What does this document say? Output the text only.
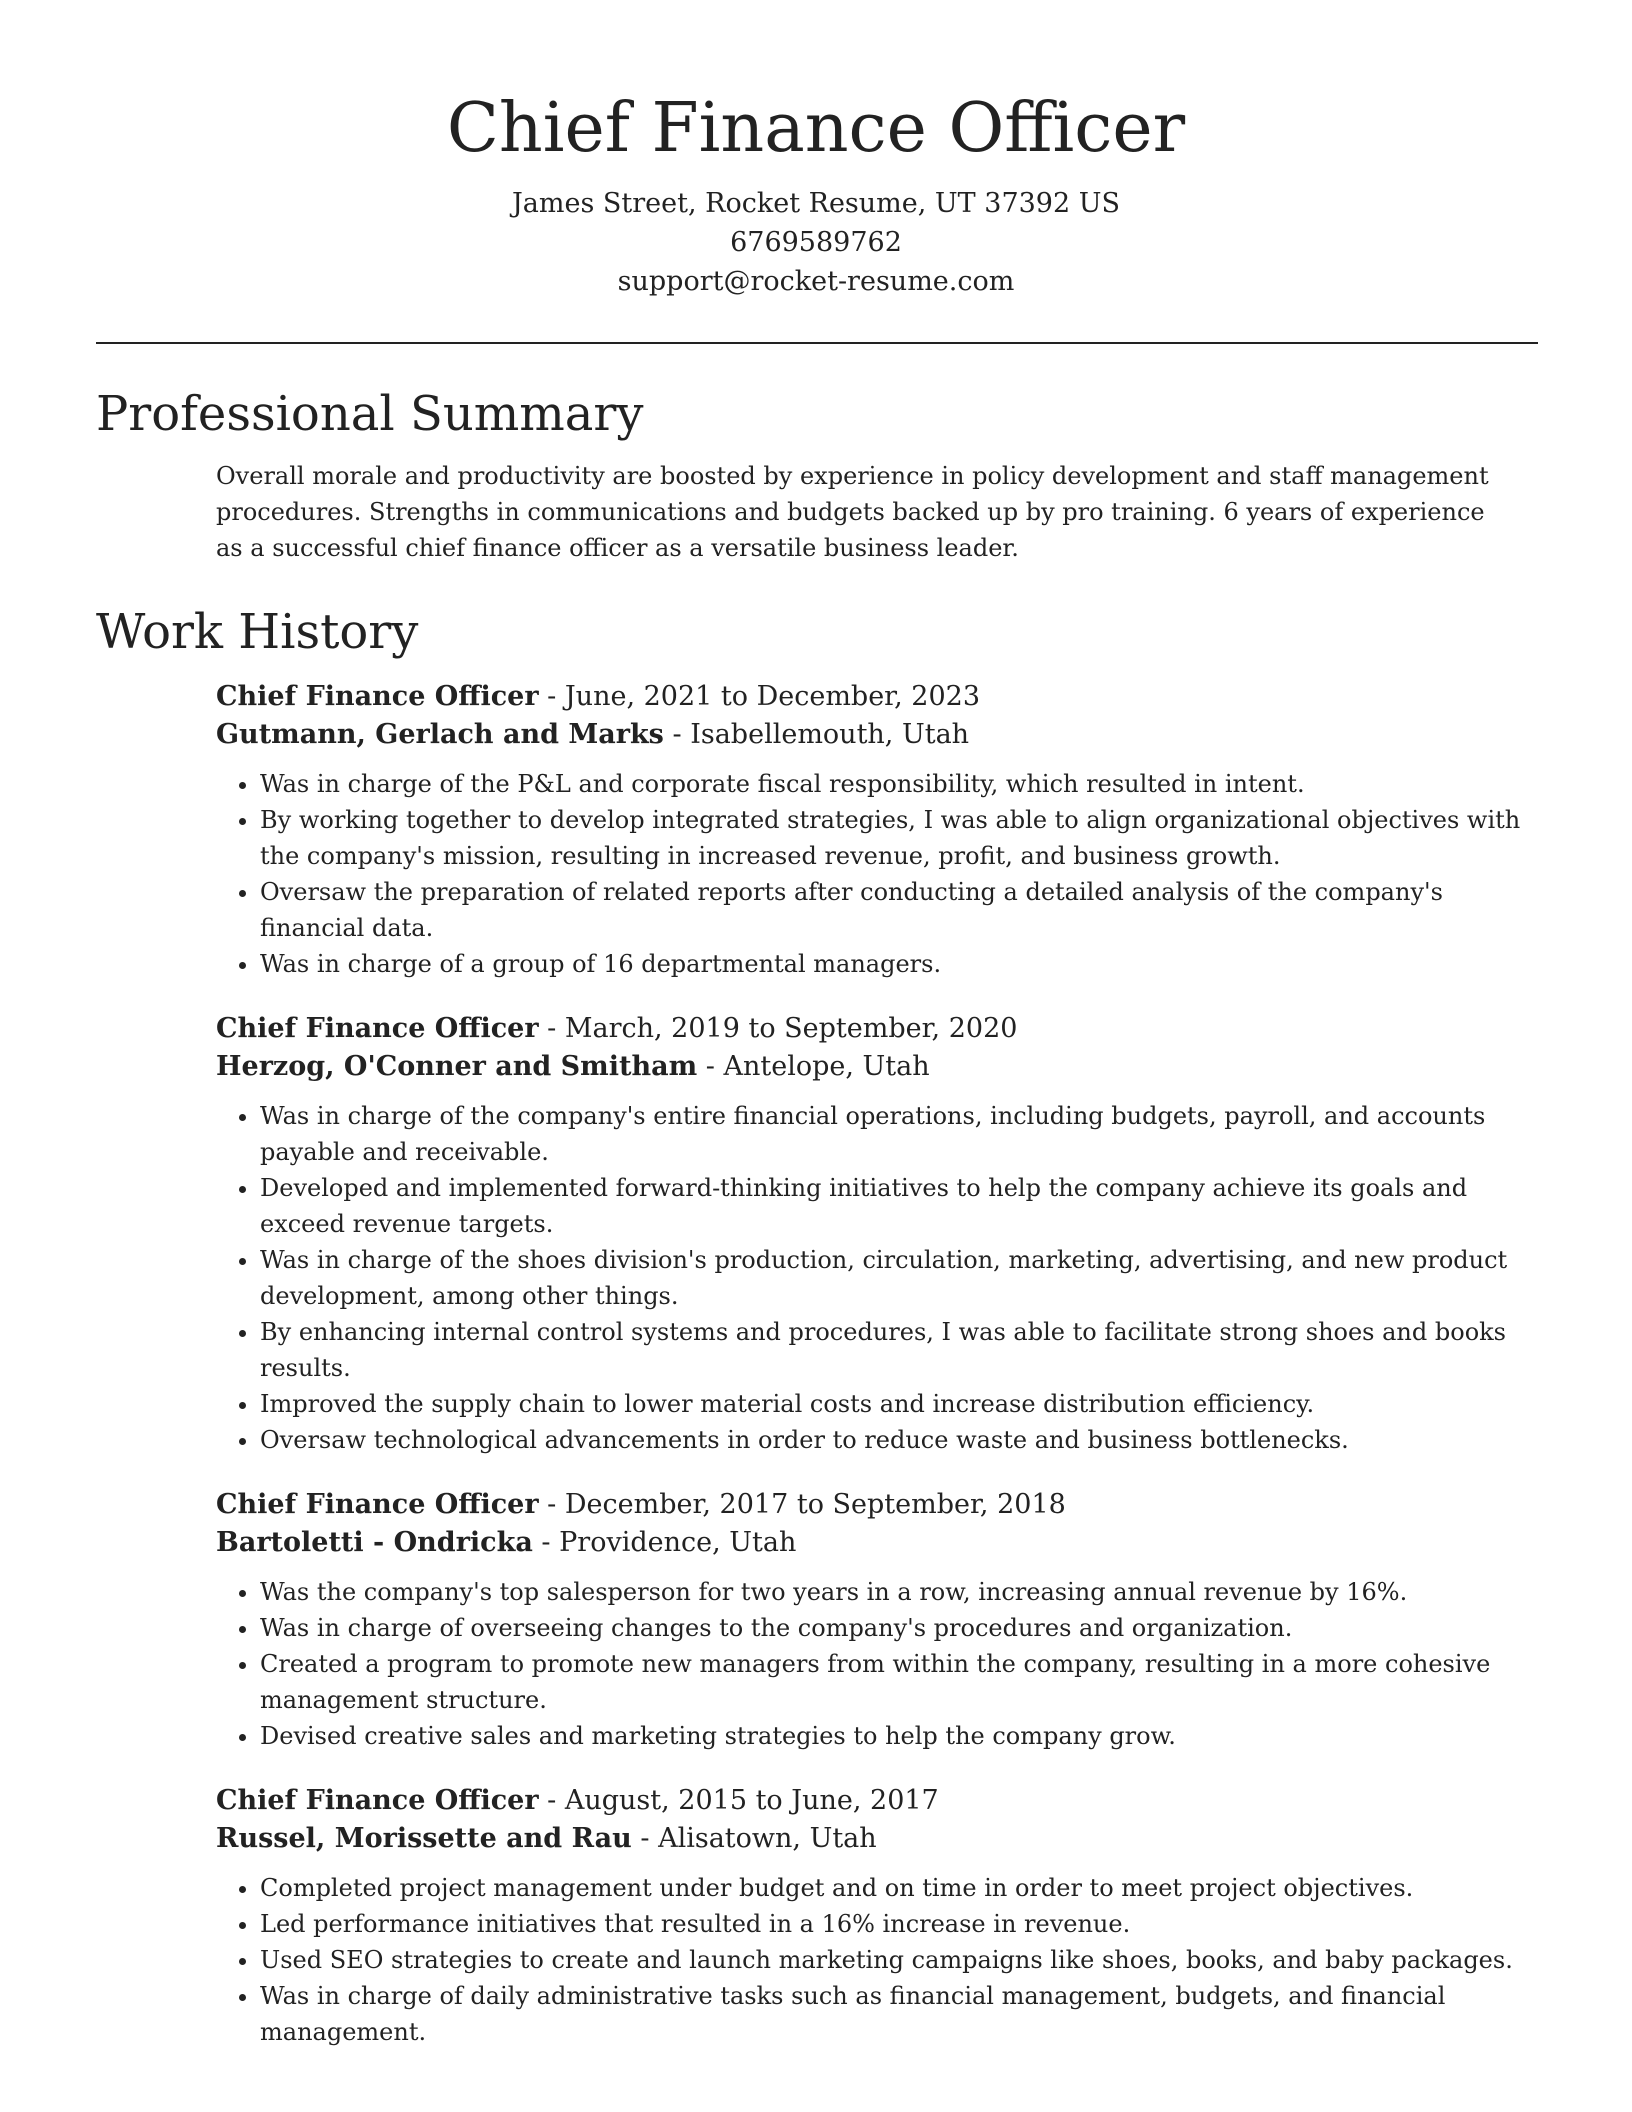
Chief Finance Officer
James Street, Rocket Resume, UT 37392 US
6769589762
support@rocket-resume.com
Professional Summary

Overall morale and productivity are boosted by experience in policy development and staff management procedures. Strengths in communications and budgets backed up by pro training. 6 years of experience as a successful chief finance officer as a versatile business leader.

Work History
Chief Finance Officer - June, 2021 to December, 2023
Gutmann, Gerlach and Marks - Isabellemouth, Utah
• Was in charge of the P&L and corporate fiscal responsibility, which resulted in intent.
• By working together to develop integrated strategies, I was able to align organizational objectives with the company's mission, resulting in increased revenue, profit, and business growth.
• Oversaw the preparation of related reports after conducting a detailed analysis of the company's financial data.
• Was in charge of a group of 16 departmental managers.
Chief Finance Officer - March, 2019 to September, 2020
Herzog, O'Conner and Smitham - Antelope, Utah
• Was in charge of the company's entire financial operations, including budgets, payroll, and accounts payable and receivable.
• Developed and implemented forward-thinking initiatives to help the company achieve its goals and exceed revenue targets.
• Was in charge of the shoes division's production, circulation, marketing, advertising, and new product development, among other things.
• By enhancing internal control systems and procedures, I was able to facilitate strong shoes and books results.
• Improved the supply chain to lower material costs and increase distribution efficiency.
• Oversaw technological advancements in order to reduce waste and business bottlenecks.
Chief Finance Officer - December, 2017 to September, 2018
Bartoletti - Ondricka - Providence, Utah
• Was the company's top salesperson for two years in a row, increasing annual revenue by 16%.
• Was in charge of overseeing changes to the company's procedures and organization.
• Created a program to promote new managers from within the company, resulting in a more cohesive management structure.
• Devised creative sales and marketing strategies to help the company grow.
Chief Finance Officer - August, 2015 to June, 2017
Russel, Morissette and Rau - Alisatown, Utah
• Completed project management under budget and on time in order to meet project objectives.
• Led performance initiatives that resulted in a 16% increase in revenue.
• Used SEO strategies to create and launch marketing campaigns like shoes, books, and baby packages.
• Was in charge of daily administrative tasks such as financial management, budgets, and financial management.
